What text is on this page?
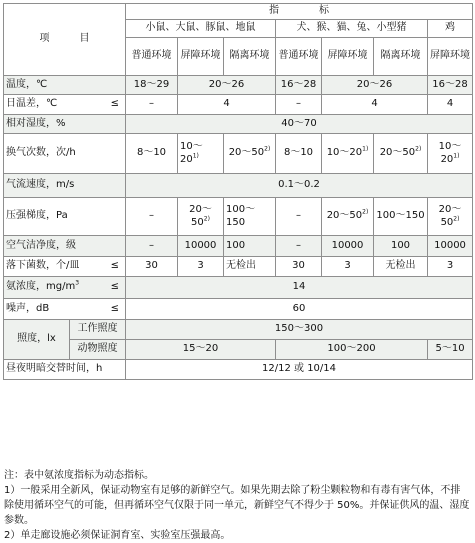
项　　　目		指　　　　标						
		小鼠、大鼠、豚鼠、地鼠			犬、猴、猫、兔、小型猪			鸡
		普通环境	屏障环境	隔离环境	普通环境	屏障环境	隔离环境	屏障环境
温度，℃		18～29	20～26		16～28	20～26		16～28
日温差，℃ ≤		–	4		–	4		4
相对湿度，%		40～70						
换气次数，次/h		8～10	10～20$^{1)}$	20～50$^{2)}$	8～10	10～20$^{1)}$	20～50$^{2)}$	10～20$^{1)}$
气流速度，m/s		0.1～0.2						
压强梯度，Pa		–	20～50$^{2)}$	100～150	–	20～50$^{2)}$	100～150	20～50$^{2)}$
空气洁净度，级		–	10000	100	–	10000	100	10000
落下菌数，个/皿 ≤		30	3	无检出	30	3	无检出	3
氨浓度，$mg/m^3$ ≤		14						
噪声，dB ≤		60						
照度，lx	工作照度	150～300						
	动物照度	15～20			100～200			5～10
昼夜明暗交替时间，h		12/12 或 10/14						
注：表中氨浓度指标为动态指标。
1）一般采用全新风，保证动物室有足够的新鲜空气。如果先期去除了粉尘颗粒物和有毒有害气体，不排除使用循环空气的可能，但再循环空气仅限于同一单元，新鲜空气不得少于 50%。并保证供风的温、湿度参数。
2）单走廊设施必须保证洞育室、实验室压强最高。
